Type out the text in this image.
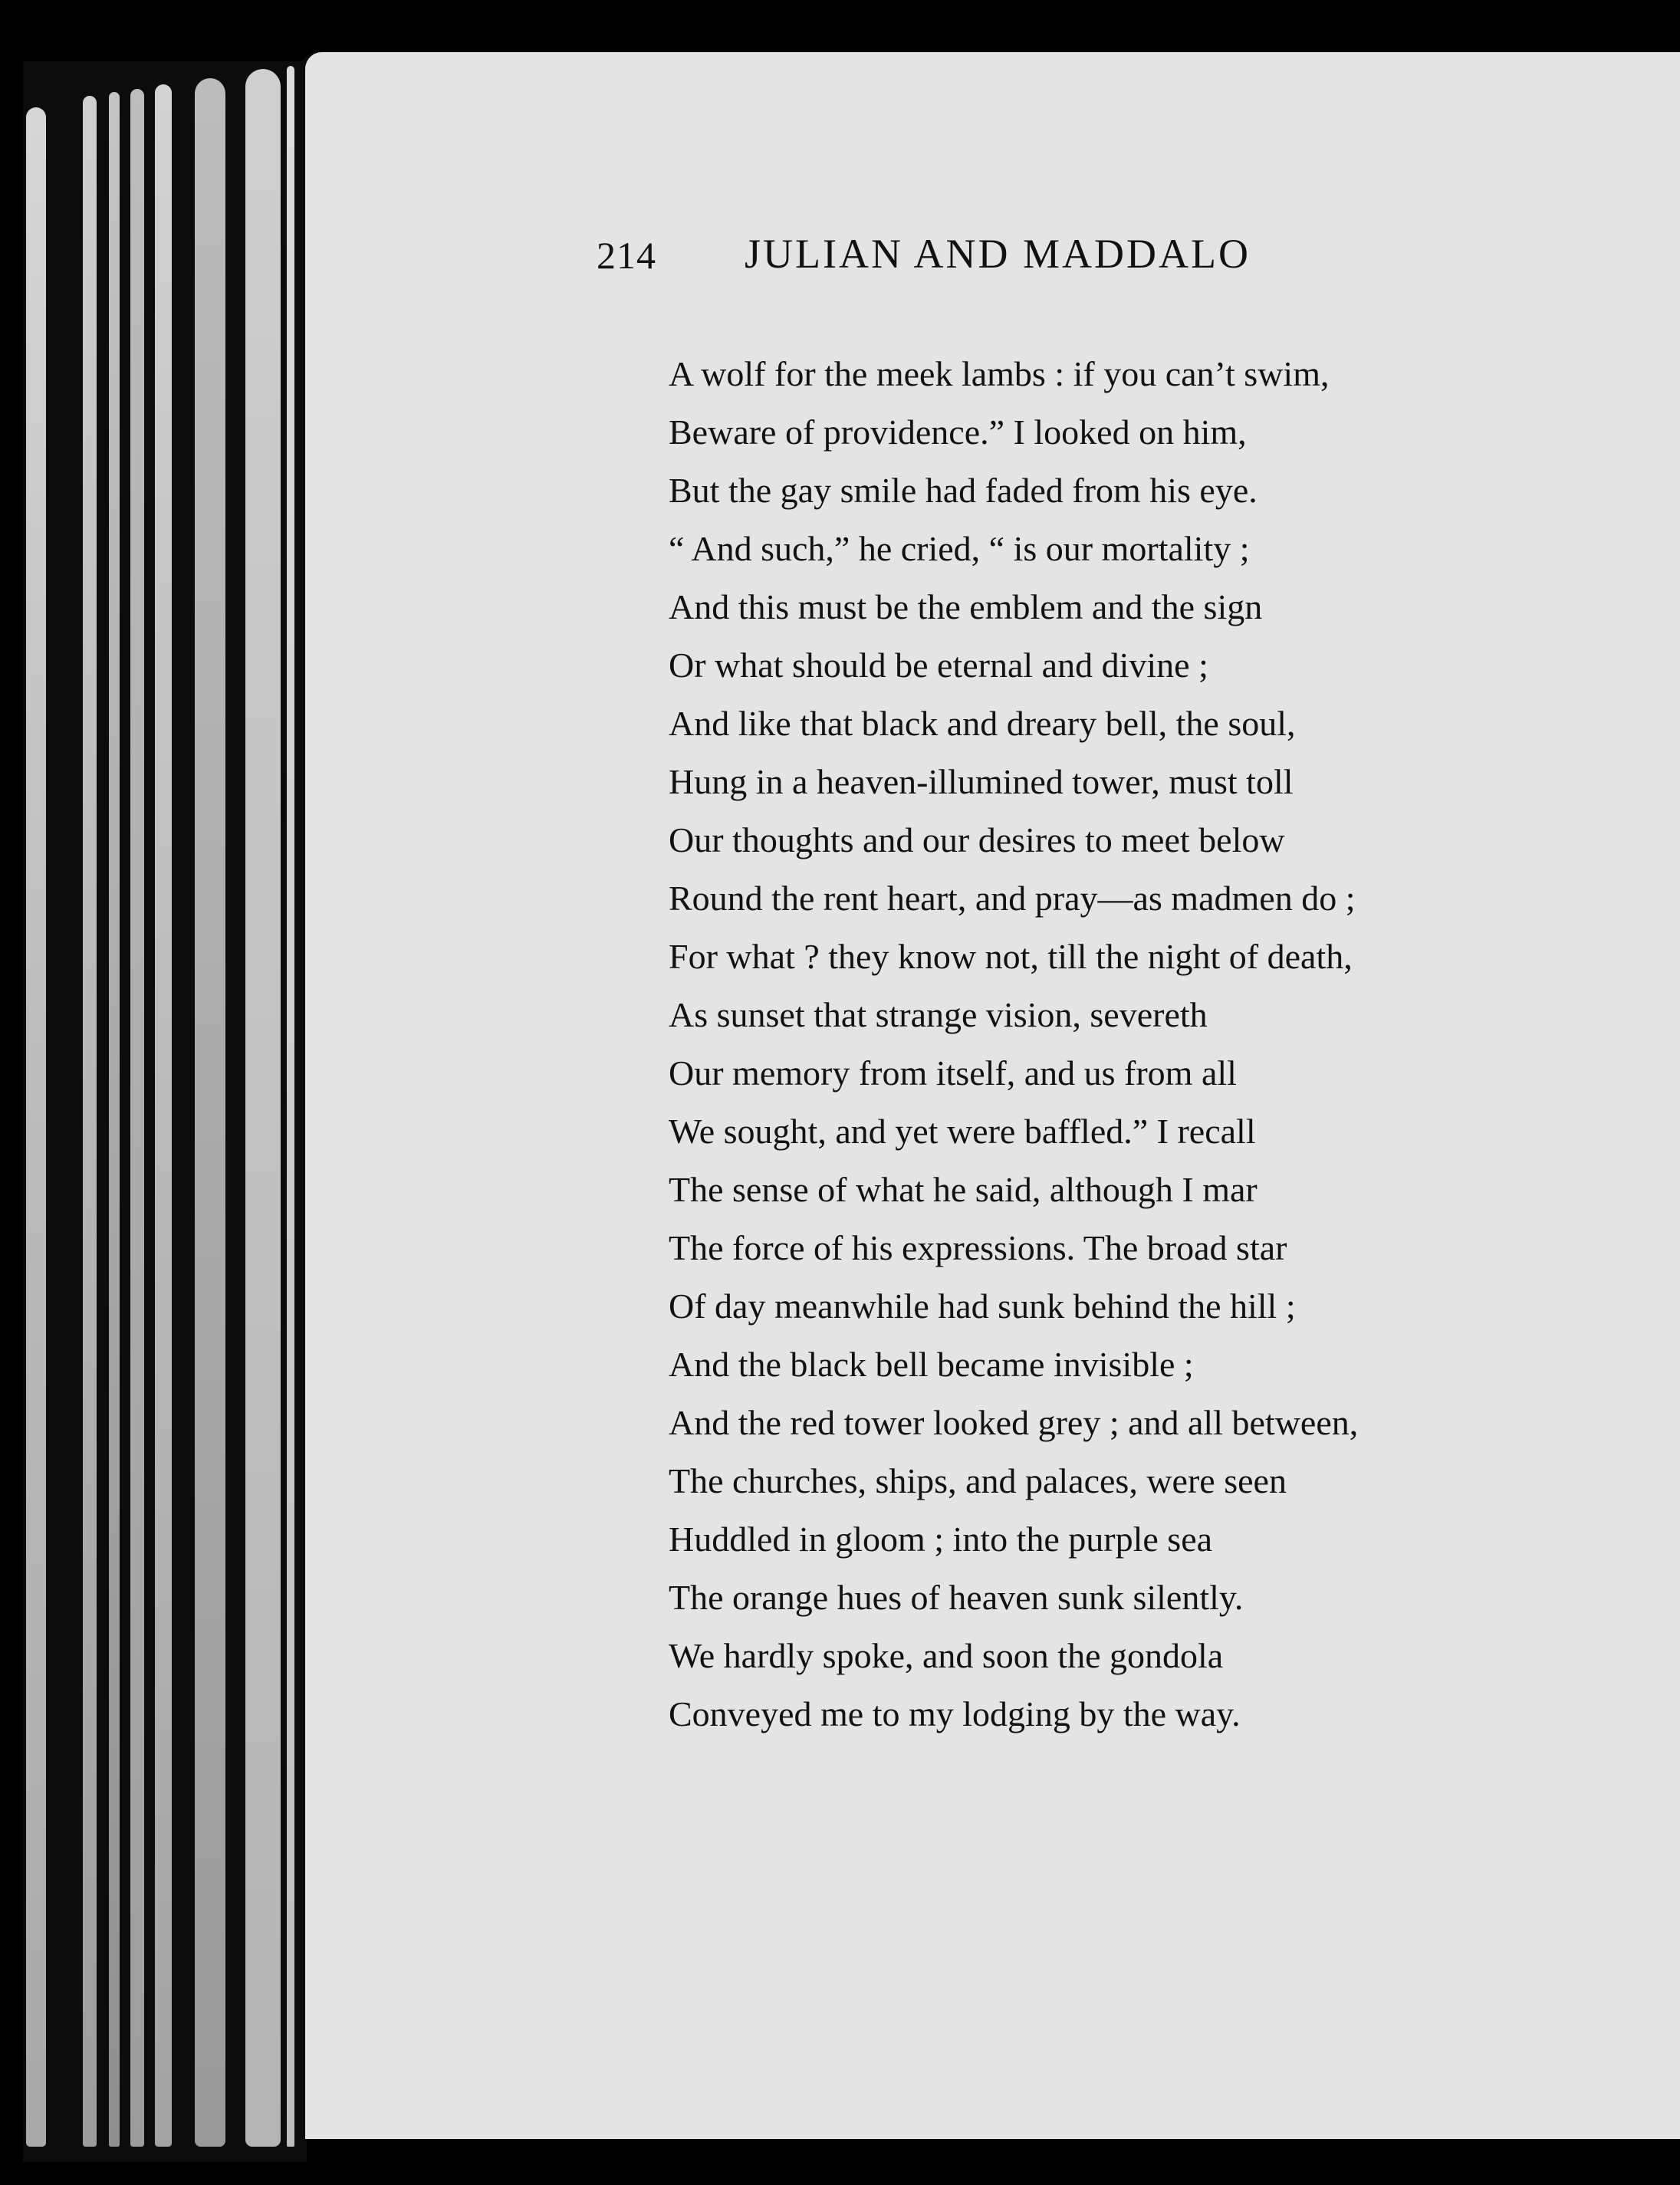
214 JULIAN AND MADDALO
A wolf for the meek lambs : if you can’t swim,
Beware of providence.” I looked on him,
But the gay smile had faded from his eye.
“ And such,” he cried, “ is our mortality ;
And this must be the emblem and the sign
Or what should be eternal and divine ;
And like that black and dreary bell, the soul,
Hung in a heaven-illumined tower, must toll
Our thoughts and our desires to meet below
Round the rent heart, and pray—as madmen do ;
For what ? they know not, till the night of death,
As sunset that strange vision, severeth
Our memory from itself, and us from all
We sought, and yet were baffled.” I recall
The sense of what he said, although I mar
The force of his expressions. The broad star
Of day meanwhile had sunk behind the hill ;
And the black bell became invisible ;
And the red tower looked grey ; and all between,
The churches, ships, and palaces, were seen
Huddled in gloom ; into the purple sea
The orange hues of heaven sunk silently.
We hardly spoke, and soon the gondola
Conveyed me to my lodging by the way.
